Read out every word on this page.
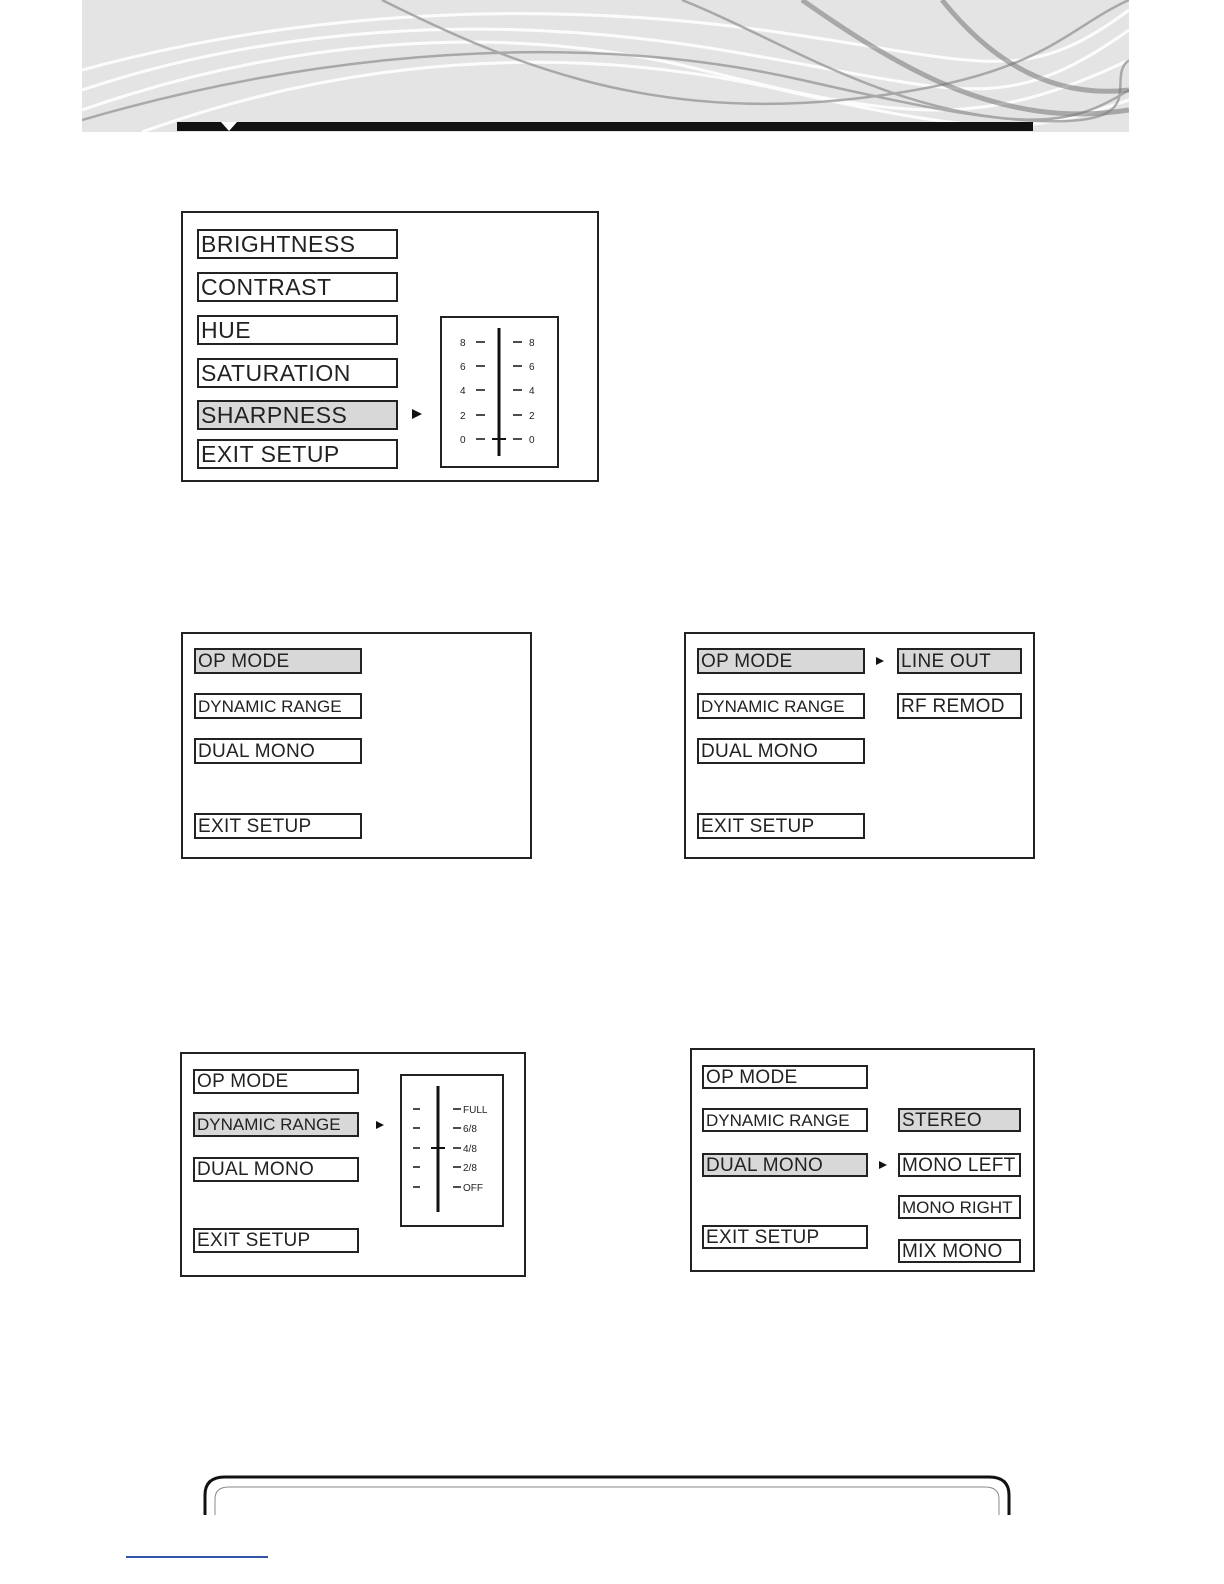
BRIGHTNESS
CONTRAST
HUE
SATURATION
SHARPNESS
EXIT SETUP
8
6
4
2
0
8
6
4
2
0
OP MODE
DYNAMIC RANGE
DUAL MONO
EXIT SETUP
OP MODE
DYNAMIC RANGE
DUAL MONO
EXIT SETUP
LINE OUT
RF REMOD
OP MODE
DYNAMIC RANGE
DUAL MONO
EXIT SETUP
FULL
6/8
4/8
2/8
OFF
OP MODE
DYNAMIC RANGE
DUAL MONO
EXIT SETUP
STEREO
MONO LEFT
MONO RIGHT
MIX MONO
